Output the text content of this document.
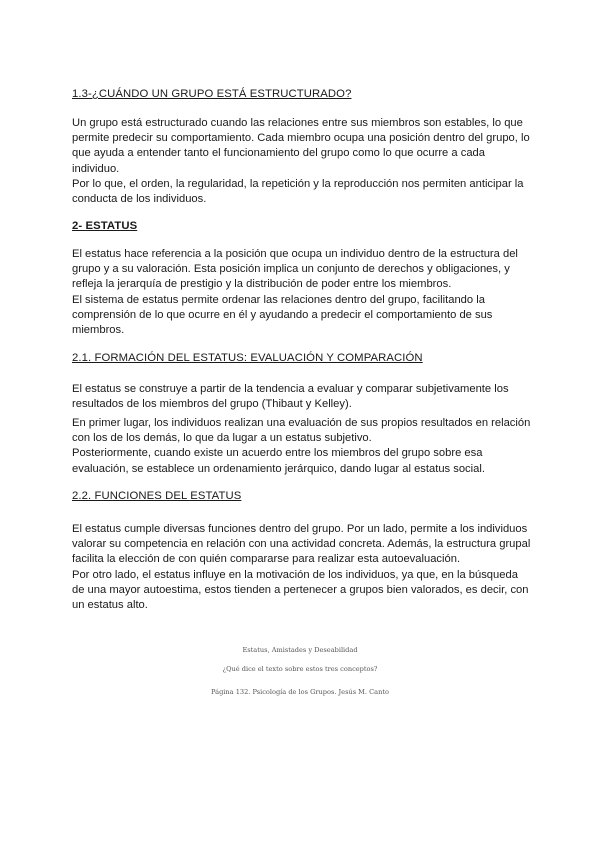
1.3-¿CUÁNDO UN GRUPO ESTÁ ESTRUCTURADO?
Un grupo está estructurado cuando las relaciones entre sus miembros son estables, lo que
permite predecir su comportamiento. Cada miembro ocupa una posición dentro del grupo, lo
que ayuda a entender tanto el funcionamiento del grupo como lo que ocurre a cada
individuo.
Por lo que, el orden, la regularidad, la repetición y la reproducción nos permiten anticipar la
conducta de los individuos.
2- ESTATUS
El estatus hace referencia a la posición que ocupa un individuo dentro de la estructura del
grupo y a su valoración. Esta posición implica un conjunto de derechos y obligaciones, y
refleja la jerarquía de prestigio y la distribución de poder entre los miembros.
El sistema de estatus permite ordenar las relaciones dentro del grupo, facilitando la
comprensión de lo que ocurre en él y ayudando a predecir el comportamiento de sus
miembros.
2.1. FORMACIÓN DEL ESTATUS: EVALUACIÓN Y COMPARACIÓN
El estatus se construye a partir de la tendencia a evaluar y comparar subjetivamente los
resultados de los miembros del grupo (Thibaut y Kelley).
En primer lugar, los individuos realizan una evaluación de sus propios resultados en relación
con los de los demás, lo que da lugar a un estatus subjetivo.
Posteriormente, cuando existe un acuerdo entre los miembros del grupo sobre esa
evaluación, se establece un ordenamiento jerárquico, dando lugar al estatus social.
2.2. FUNCIONES DEL ESTATUS
El estatus cumple diversas funciones dentro del grupo. Por un lado, permite a los individuos
valorar su competencia en relación con una actividad concreta. Además, la estructura grupal
facilita la elección de con quién compararse para realizar esta autoevaluación.
Por otro lado, el estatus influye en la motivación de los individuos, ya que, en la búsqueda
de una mayor autoestima, estos tienden a pertenecer a grupos bien valorados, es decir, con
un estatus alto.
Estatus, Amistades y Deseabilidad
¿Qué dice el texto sobre estos tres conceptos?
Página 132. Psicología de los Grupos. Jesús M. Canto
